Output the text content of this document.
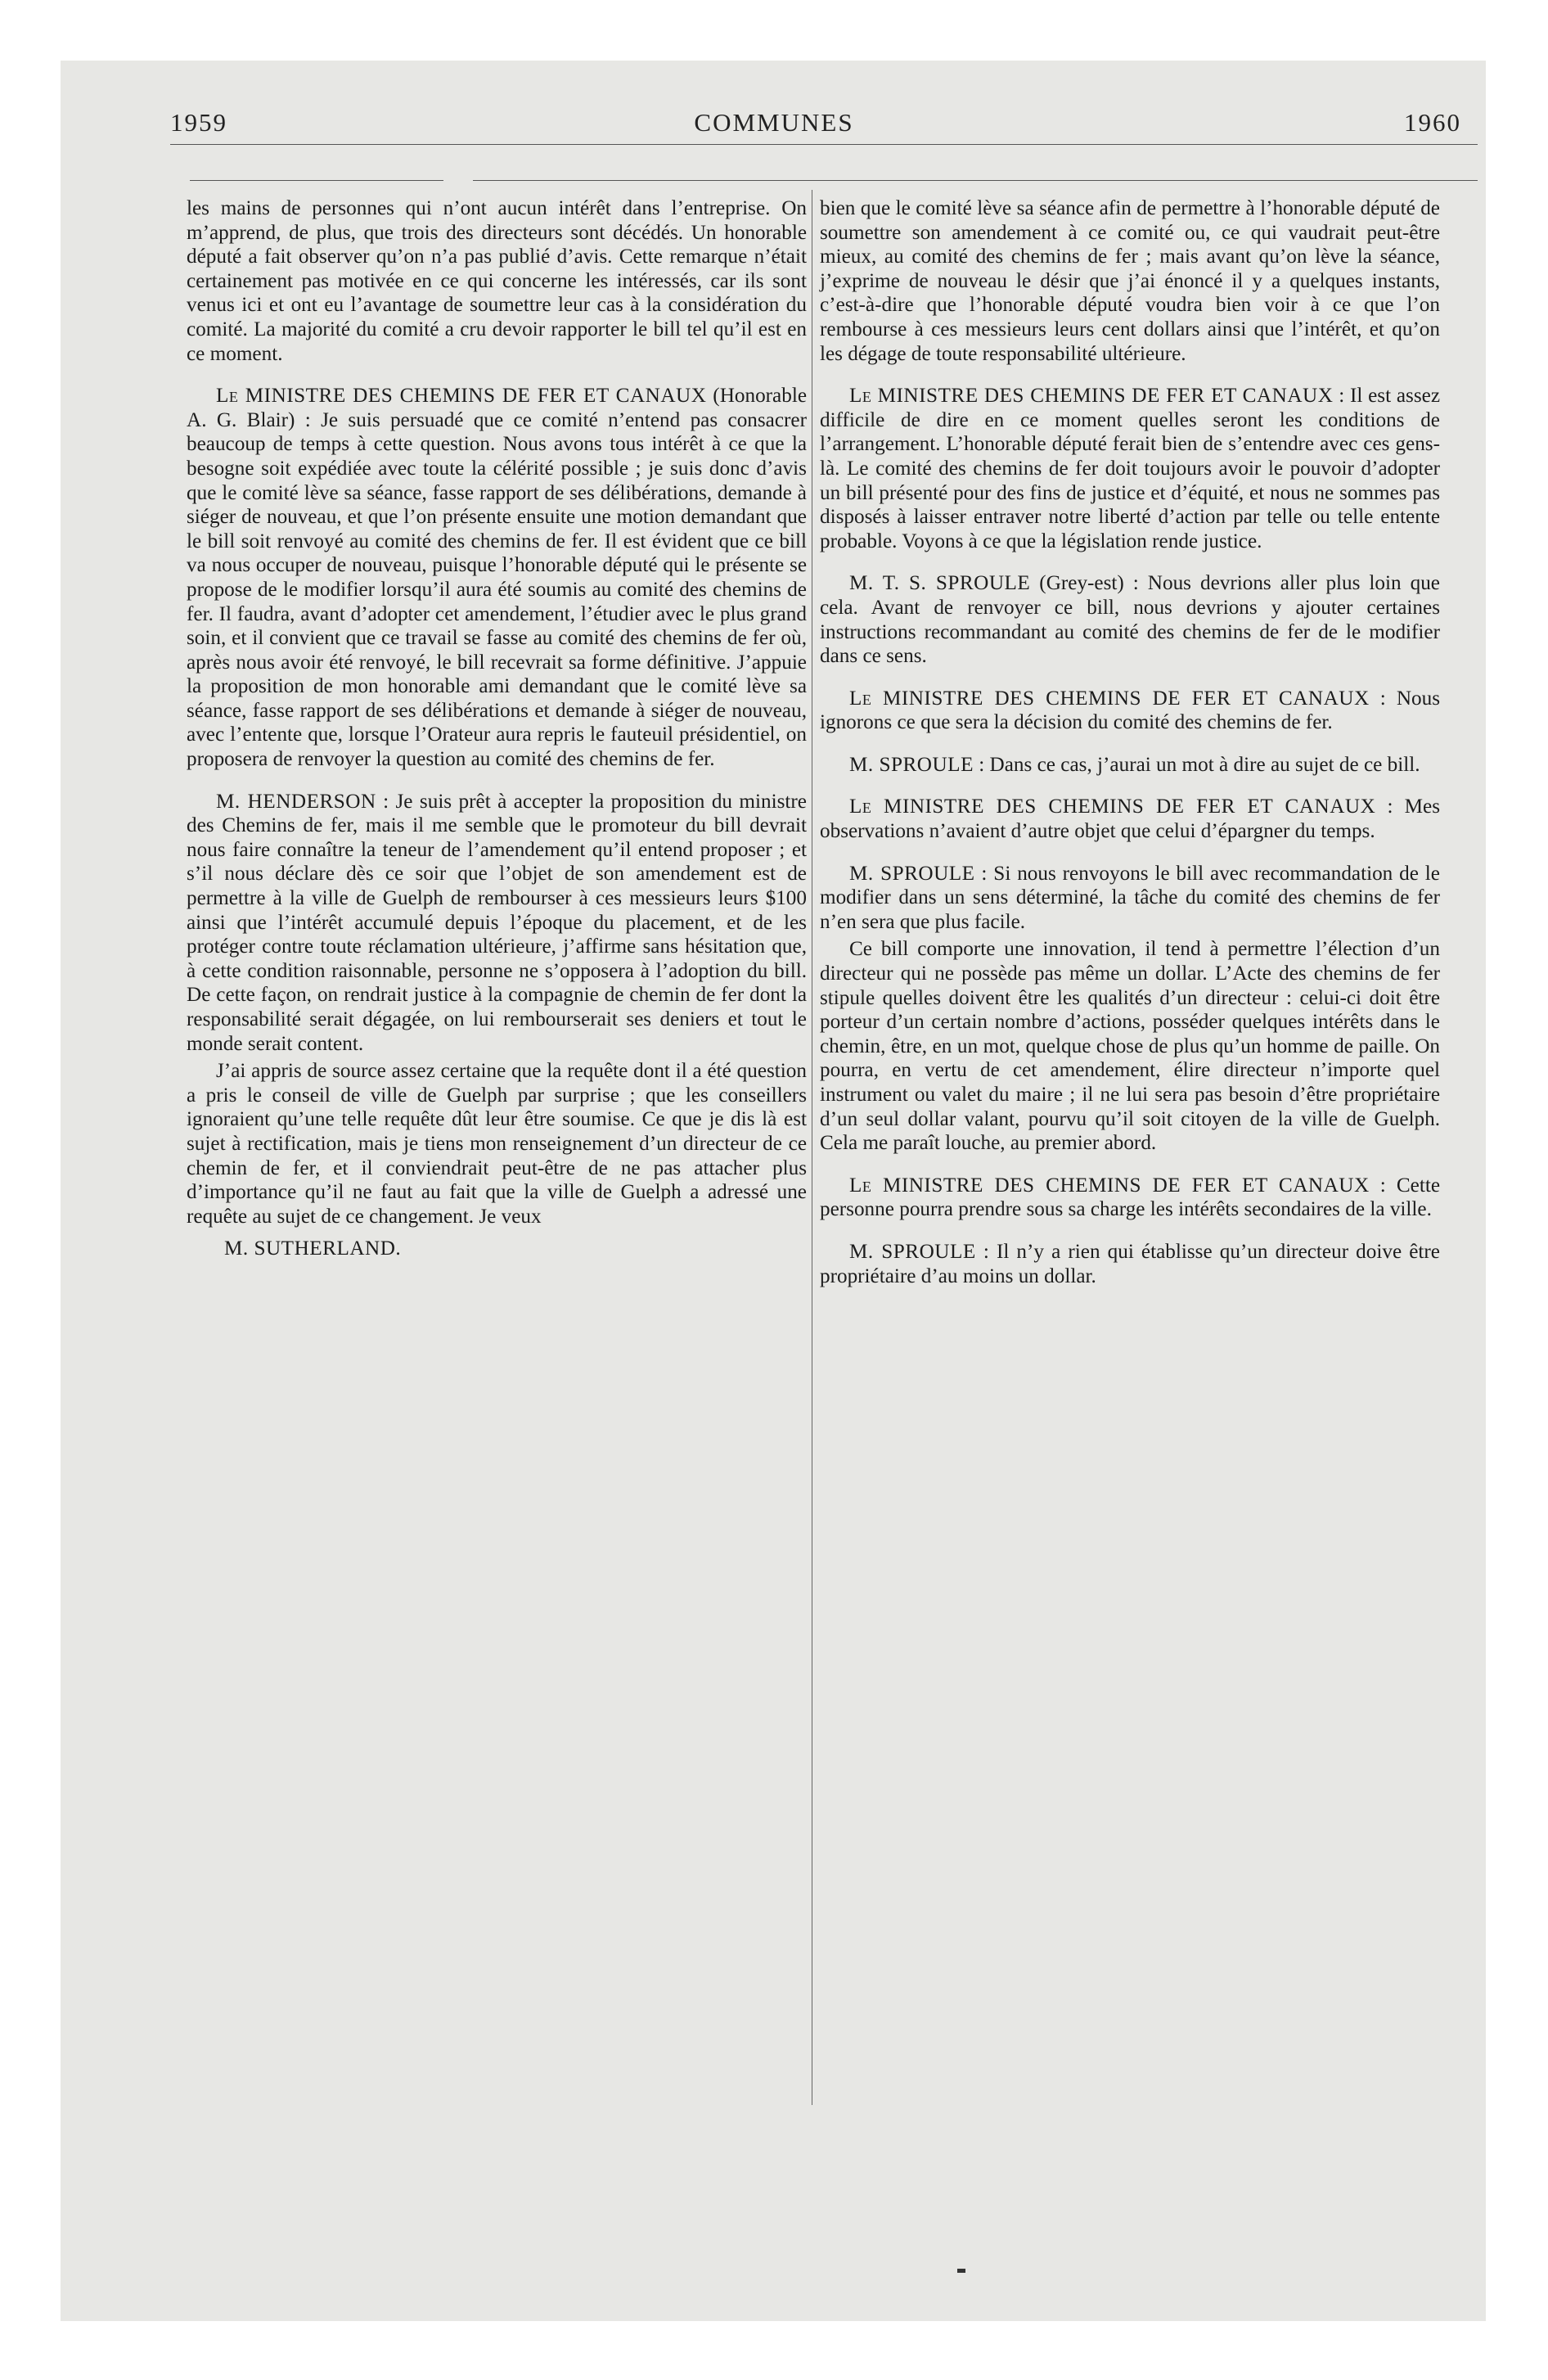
1959	COMMUNES	1960

les mains de personnes qui n’ont aucun intérêt dans l’entreprise. On m’apprend, de plus, que trois des directeurs sont décédés. Un honorable député a fait observer qu’on n’a pas publié d’avis. Cette remarque n’était certainement pas motivée en ce qui concerne les intéressés, car ils sont venus ici et ont eu l’avantage de soumettre leur cas à la considération du comité. La majorité du comité a cru devoir rapporter le bill tel qu’il est en ce moment.

Le MINISTRE DES CHEMINS DE FER ET CANAUX (Honorable A. G. Blair) : Je suis persuadé que ce comité n’entend pas consacrer beaucoup de temps à cette question. Nous avons tous intérêt à ce que la besogne soit expédiée avec toute la célérité possible ; je suis donc d’avis que le comité lève sa séance, fasse rapport de ses délibérations, demande à siéger de nouveau, et que l’on présente ensuite une motion demandant que le bill soit renvoyé au comité des chemins de fer. Il est évident que ce bill va nous occuper de nouveau, puisque l’honorable député qui le présente se propose de le modifier lorsqu’il aura été soumis au comité des chemins de fer. Il faudra, avant d’adopter cet amendement, l’étudier avec le plus grand soin, et il convient que ce travail se fasse au comité des chemins de fer où, après nous avoir été renvoyé, le bill recevrait sa forme définitive. J’appuie la proposition de mon honorable ami demandant que le comité lève sa séance, fasse rapport de ses délibérations et demande à siéger de nouveau, avec l’entente que, lorsque l’Orateur aura repris le fauteuil présidentiel, on proposera de renvoyer la question au comité des chemins de fer.

M. HENDERSON : Je suis prêt à accepter la proposition du ministre des Chemins de fer, mais il me semble que le promoteur du bill devrait nous faire connaître la teneur de l’amendement qu’il entend proposer ; et s’il nous déclare dès ce soir que l’objet de son amendement est de permettre à la ville de Guelph de rembourser à ces messieurs leurs $100 ainsi que l’intérêt accumulé depuis l’époque du placement, et de les protéger contre toute réclamation ultérieure, j’affirme sans hésitation que, à cette condition raisonnable, personne ne s’opposera à l’adoption du bill. De cette façon, on rendrait justice à la compagnie de chemin de fer dont la responsabilité serait dégagée, on lui rembourserait ses deniers et tout le monde serait content.

J’ai appris de source assez certaine que la requête dont il a été question a pris le conseil de ville de Guelph par surprise ; que les conseillers ignoraient qu’une telle requête dût leur être soumise. Ce que je dis là est sujet à rectification, mais je tiens mon renseignement d’un directeur de ce chemin de fer, et il conviendrait peut-être de ne pas attacher plus d’importance qu’il ne faut au fait que la ville de Guelph a adressé une requête au sujet de ce changement. Je veux

M. SUTHERLAND.

bien que le comité lève sa séance afin de permettre à l’honorable député de soumettre son amendement à ce comité ou, ce qui vaudrait peut-être mieux, au comité des chemins de fer ; mais avant qu’on lève la séance, j’exprime de nouveau le désir que j’ai énoncé il y a quelques instants, c’est-à-dire que l’honorable député voudra bien voir à ce que l’on rembourse à ces messieurs leurs cent dollars ainsi que l’intérêt, et qu’on les dégage de toute responsabilité ultérieure.

Le MINISTRE DES CHEMINS DE FER ET CANAUX : Il est assez difficile de dire en ce moment quelles seront les conditions de l’arrangement. L’honorable député ferait bien de s’entendre avec ces gens-là. Le comité des chemins de fer doit toujours avoir le pouvoir d’adopter un bill présenté pour des fins de justice et d’équité, et nous ne sommes pas disposés à laisser entraver notre liberté d’action par telle ou telle entente probable. Voyons à ce que la législation rende justice.

M. T. S. SPROULE (Grey-est) : Nous devrions aller plus loin que cela. Avant de renvoyer ce bill, nous devrions y ajouter certaines instructions recommandant au comité des chemins de fer de le modifier dans ce sens.

Le MINISTRE DES CHEMINS DE FER ET CANAUX : Nous ignorons ce que sera la décision du comité des chemins de fer.

M. SPROULE : Dans ce cas, j’aurai un mot à dire au sujet de ce bill.

Le MINISTRE DES CHEMINS DE FER ET CANAUX : Mes observations n’avaient d’autre objet que celui d’épargner du temps.

M. SPROULE : Si nous renvoyons le bill avec recommandation de le modifier dans un sens déterminé, la tâche du comité des chemins de fer n’en sera que plus facile.

Ce bill comporte une innovation, il tend à permettre l’élection d’un directeur qui ne possède pas même un dollar. L’Acte des chemins de fer stipule quelles doivent être les qualités d’un directeur : celui-ci doit être porteur d’un certain nombre d’actions, posséder quelques intérêts dans le chemin, être, en un mot, quelque chose de plus qu’un homme de paille. On pourra, en vertu de cet amendement, élire directeur n’importe quel instrument ou valet du maire ; il ne lui sera pas besoin d’être propriétaire d’un seul dollar valant, pourvu qu’il soit citoyen de la ville de Guelph. Cela me paraît louche, au premier abord.

Le MINISTRE DES CHEMINS DE FER ET CANAUX : Cette personne pourra prendre sous sa charge les intérêts secondaires de la ville.

M. SPROULE : Il n’y a rien qui établisse qu’un directeur doive être propriétaire d’au moins un dollar.
